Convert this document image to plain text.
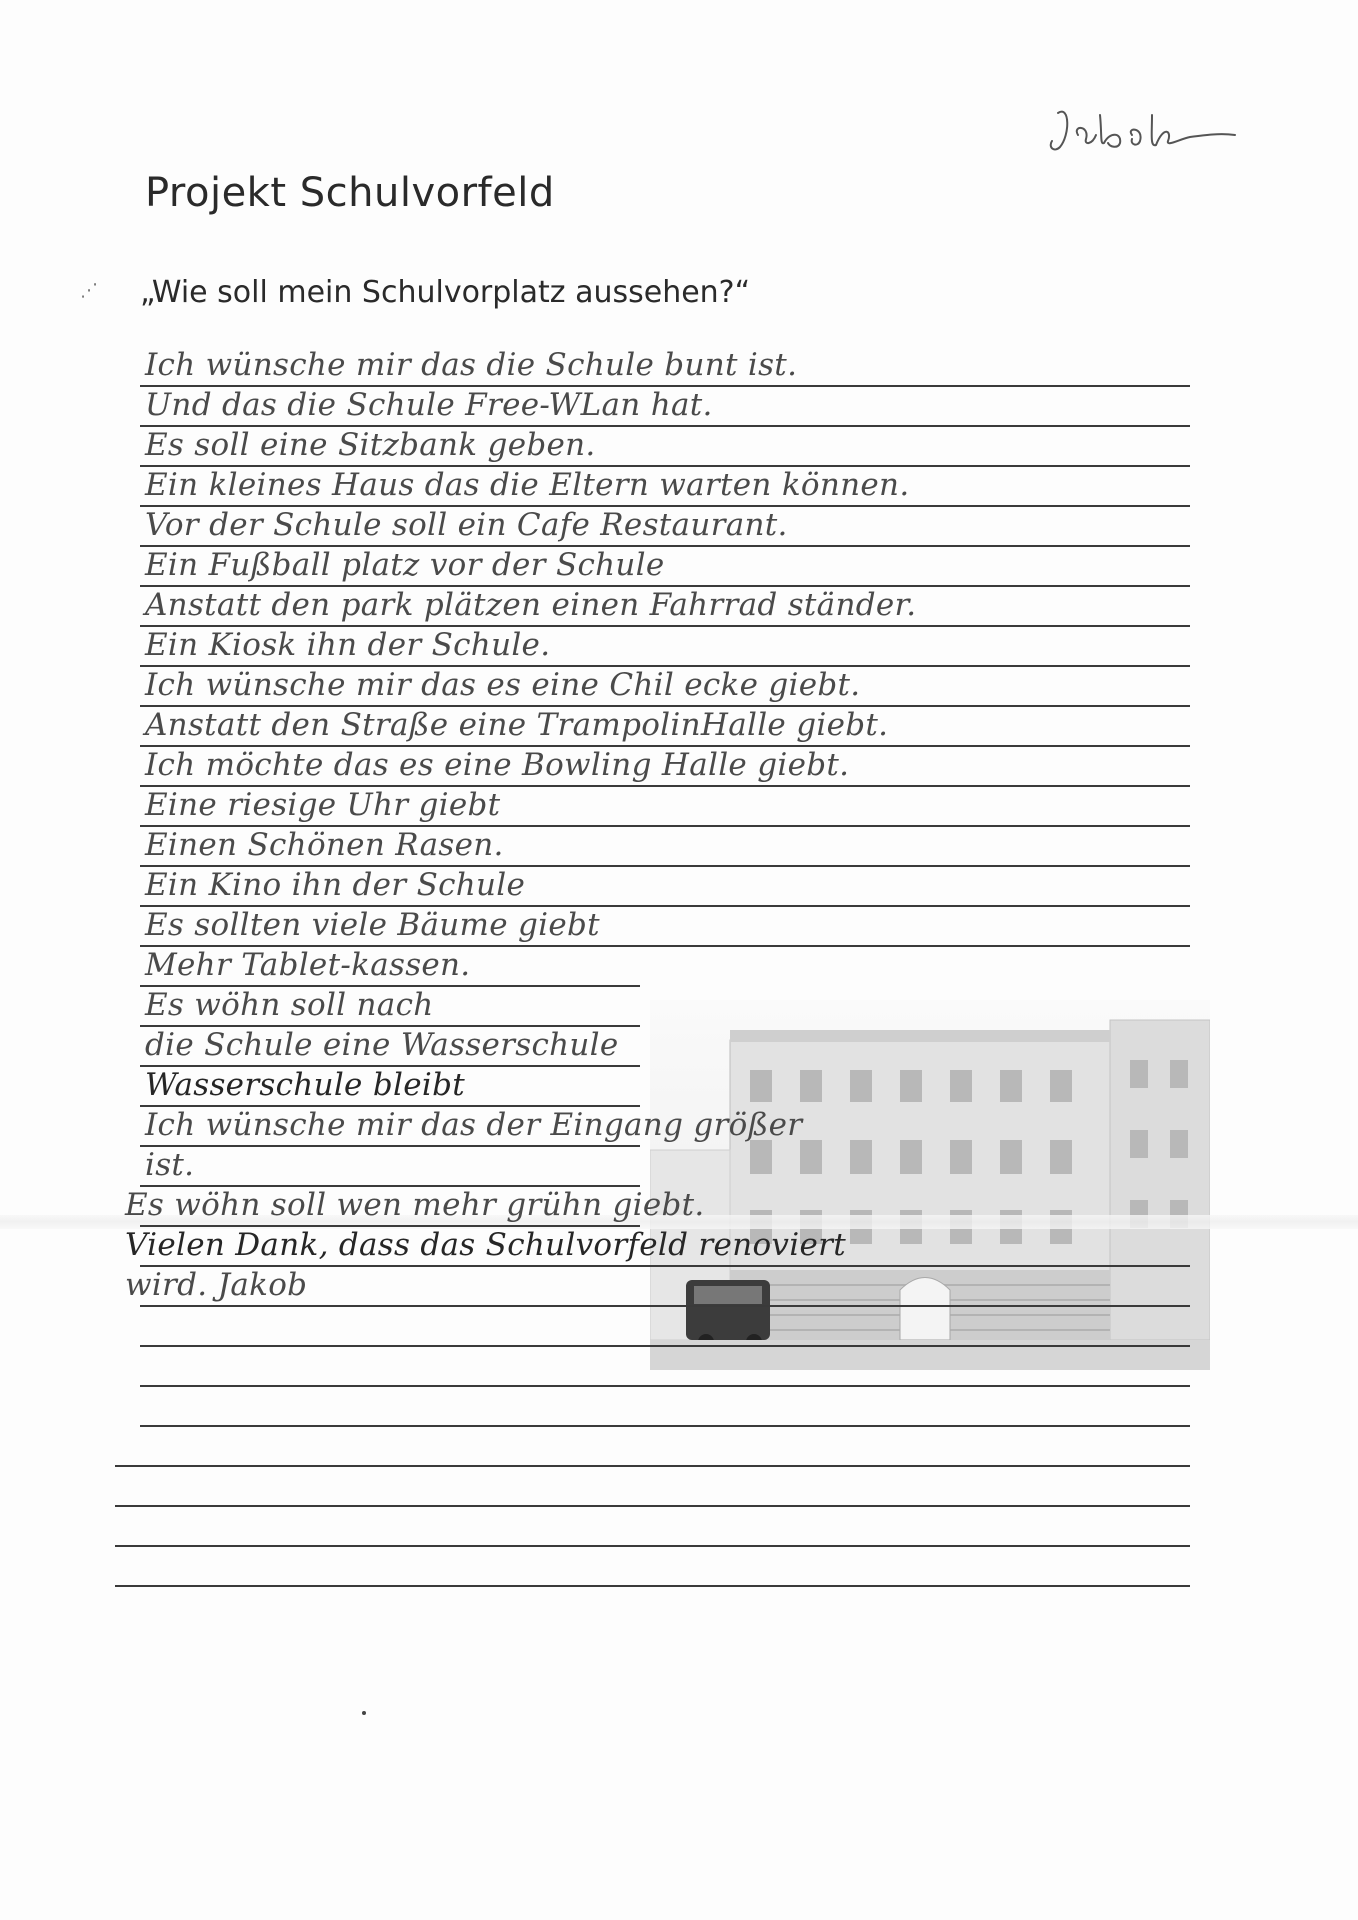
Projekt Schulvorfeld
⋰ „Wie soll mein Schulvorplatz aussehen?“
Ich wünsche mir das die Schule bunt ist.
Und das die Schule Free-WLan hat.
Es soll eine Sitzbank geben.
Ein kleines Haus das die Eltern warten können.
Vor der Schule soll ein Cafe Restaurant.
Ein Fußball platz vor der Schule
Anstatt den park plätzen einen Fahrrad ständer.
Ein Kiosk ihn der Schule.
Ich wünsche mir das es eine Chil ecke giebt.
Anstatt den Straße eine TrampolinHalle giebt.
Ich möchte das es eine Bowling Halle giebt.
Eine riesige Uhr giebt
Einen Schönen Rasen.
Ein Kino ihn der Schule
Es sollten viele Bäume giebt
Mehr Tablet-kassen.
Es wöhn soll nach
die Schule eine Wasserschule
Wasserschule bleibt
Ich wünsche mir das der Eingang größer
ist.
Es wöhn soll wen mehr grühn giebt.
Vielen Dank, dass das Schulvorfeld renoviert
wird. Jakob
